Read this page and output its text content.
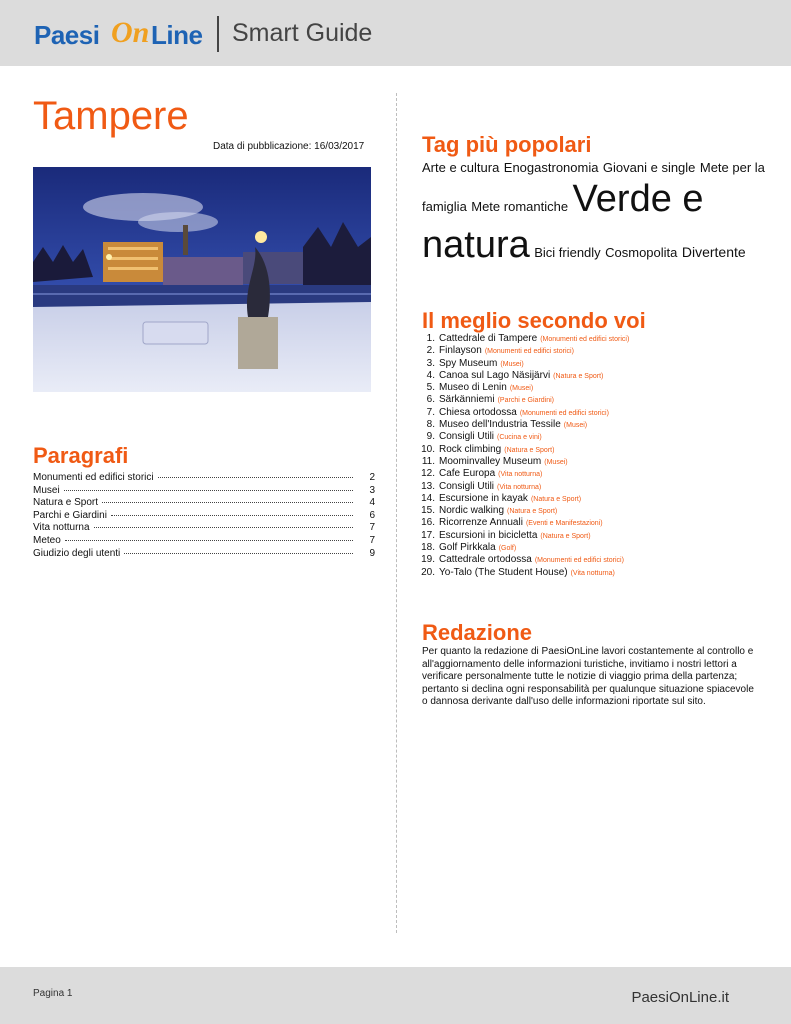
Paesi On Line Smart Guide
Tampere
Data di pubblicazione: 16/03/2017
Paragrafi
Monumenti ed edifici storici	2
Musei	3
Natura e Sport	4
Parchi e Giardini	6
Vita notturna	7
Meteo	7
Giudizio degli utenti	9
Tag più popolari
Arte e cultura Enogastronomia Giovani e single Mete per la famiglia Mete romantiche Verde e natura Bici friendly Cosmopolita Divertente
Il meglio secondo voi
1. Cattedrale di Tampere (Monumenti ed edifici storici)
2. Finlayson (Monumenti ed edifici storici)
3. Spy Museum (Musei)
4. Canoa sul Lago Näsijärvi (Natura e Sport)
5. Museo di Lenin (Musei)
6. Särkänniemi (Parchi e Giardini)
7. Chiesa ortodossa (Monumenti ed edifici storici)
8. Museo dell'Industria Tessile (Musei)
9. Consigli Utili (Cucina e vini)
10. Rock climbing (Natura e Sport)
11. Moominvalley Museum (Musei)
12. Cafe Europa (Vita notturna)
13. Consigli Utili (Vita notturna)
14. Escursione in kayak (Natura e Sport)
15. Nordic walking (Natura e Sport)
16. Ricorrenze Annuali (Eventi e Manifestazioni)
17. Escursioni in bicicletta (Natura e Sport)
18. Golf Pirkkala (Golf)
19. Cattedrale ortodossa (Monumenti ed edifici storici)
20. Yo-Talo (The Student House) (Vita notturna)
Redazione
Per quanto la redazione di PaesiOnLine lavori costantemente al controllo e all'aggiornamento delle informazioni turistiche, invitiamo i nostri lettori a verificare personalmente tutte le notizie di viaggio prima della partenza; pertanto si declina ogni responsabilità per qualunque situazione spiacevole o dannosa derivante dall'uso delle informazioni riportate sul sito.
Pagina 1	PaesiOnLine.it
